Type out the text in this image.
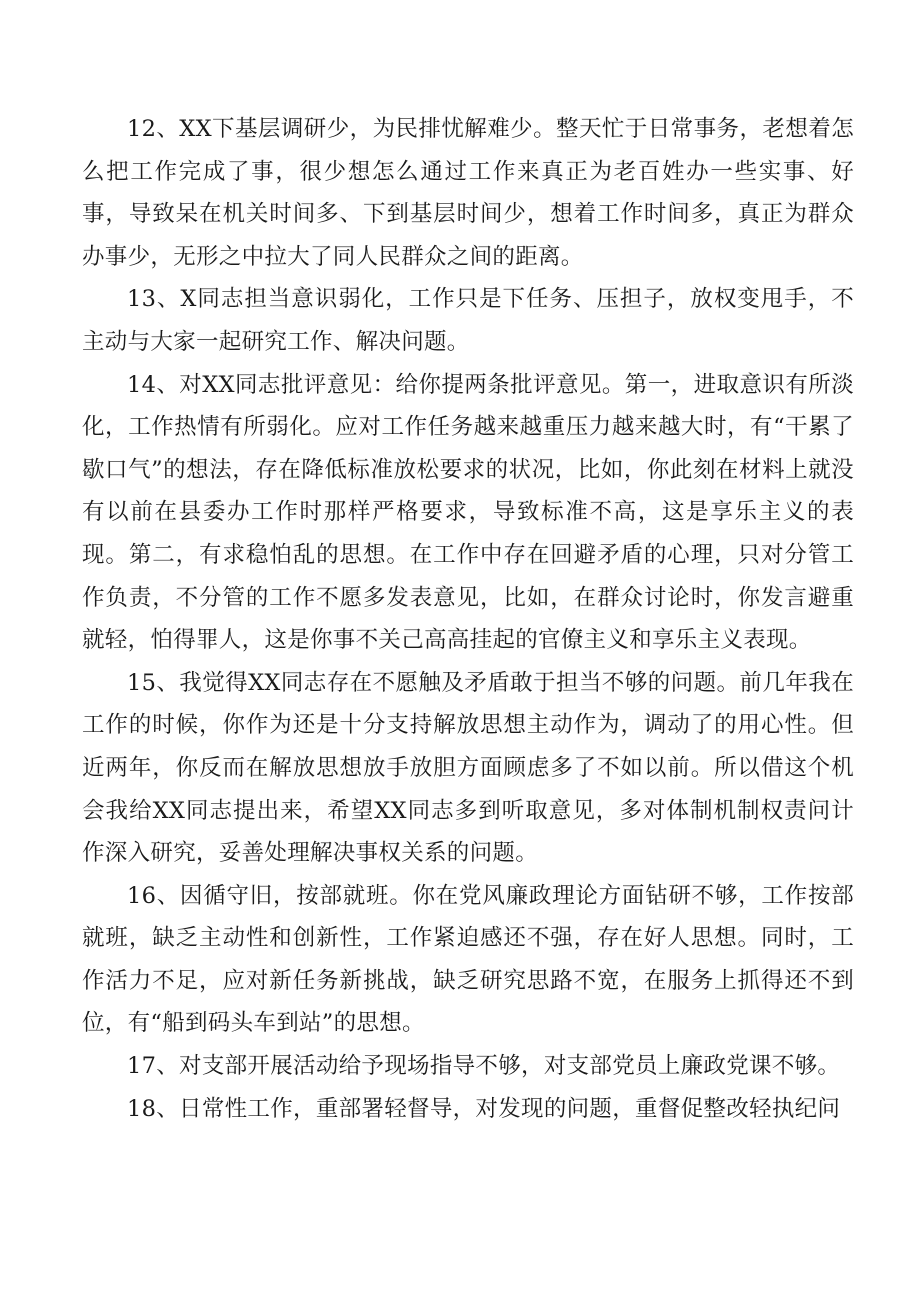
12、XX下基层调研少，为民排忧解难少。整天忙于日常事务，老想着怎么把工作完成了事，很少想怎么通过工作来真正为老百姓办一些实事、好事，导致呆在机关时间多、下到基层时间少，想着工作时间多，真正为群众办事少，无形之中拉大了同人民群众之间的距离。

13、X同志担当意识弱化，工作只是下任务、压担子，放权变甩手，不主动与大家一起研究工作、解决问题。

14、对XX同志批评意见：给你提两条批评意见。第一，进取意识有所淡化，工作热情有所弱化。应对工作任务越来越重压力越来越大时，有“干累了歇口气”的想法，存在降低标准放松要求的状况，比如，你此刻在材料上就没有以前在县委办工作时那样严格要求，导致标准不高，这是享乐主义的表现。第二，有求稳怕乱的思想。在工作中存在回避矛盾的心理，只对分管工作负责，不分管的工作不愿多发表意见，比如，在群众讨论时，你发言避重就轻，怕得罪人，这是你事不关己高高挂起的官僚主义和享乐主义表现。

15、我觉得XX同志存在不愿触及矛盾敢于担当不够的问题。前几年我在工作的时候，你作为还是十分支持解放思想主动作为，调动了的用心性。但近两年，你反而在解放思想放手放胆方面顾虑多了不如以前。所以借这个机会我给XX同志提出来，希望XX同志多到听取意见，多对体制机制权责问计作深入研究，妥善处理解决事权关系的问题。

16、因循守旧，按部就班。你在党风廉政理论方面钻研不够，工作按部就班，缺乏主动性和创新性，工作紧迫感还不强，存在好人思想。同时，工作活力不足，应对新任务新挑战，缺乏研究思路不宽，在服务上抓得还不到位，有“船到码头车到站”的思想。

17、对支部开展活动给予现场指导不够，对支部党员上廉政党课不够。

18、日常性工作，重部署轻督导，对发现的问题，重督促整改轻执纪问
